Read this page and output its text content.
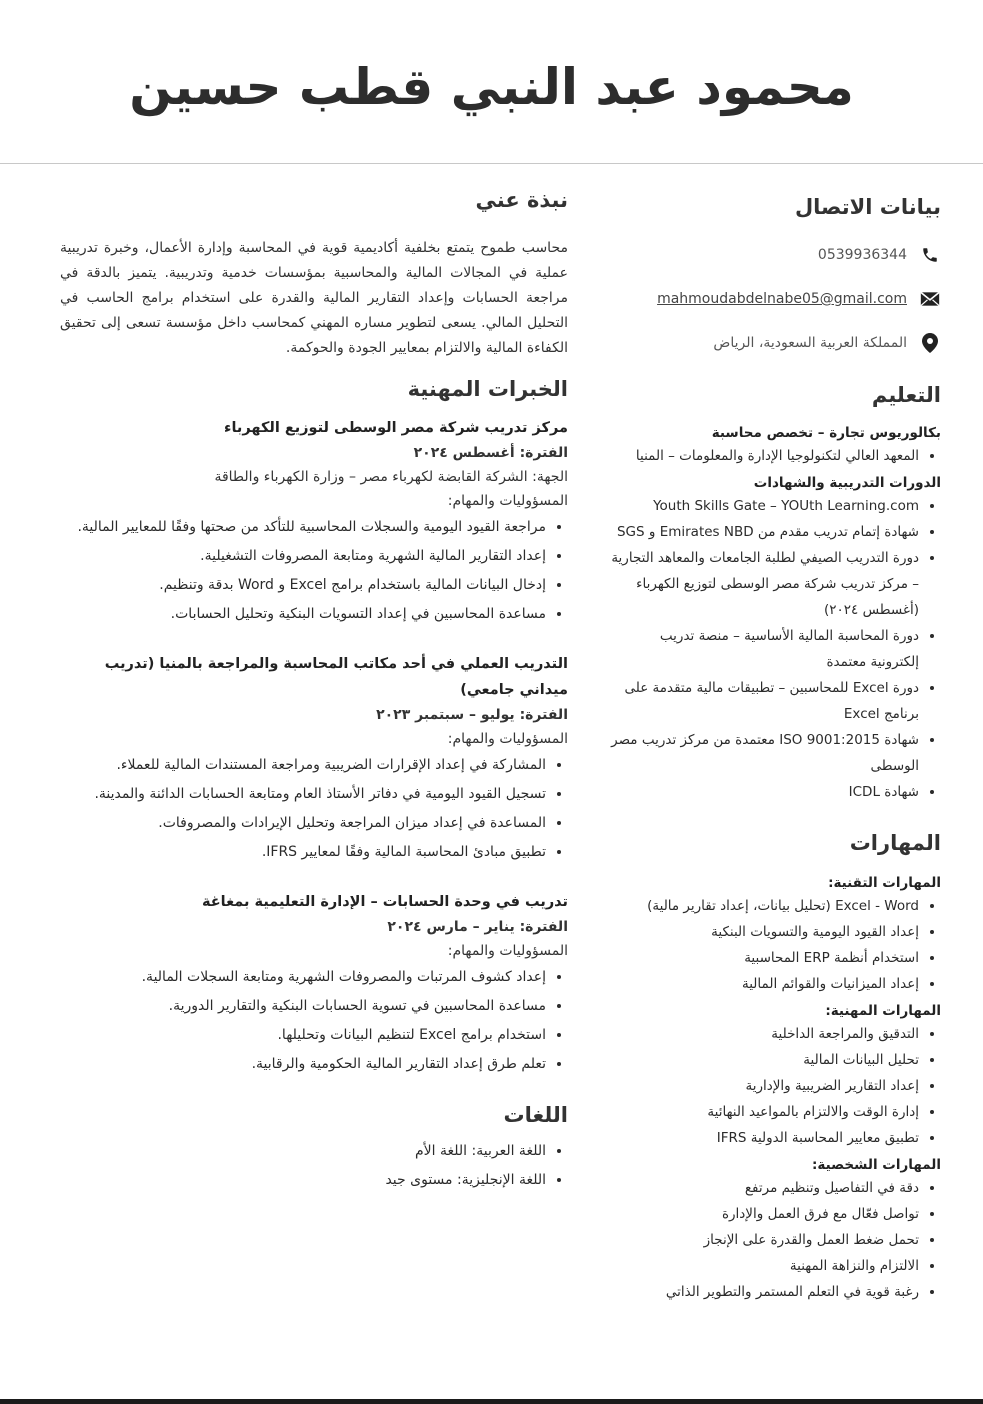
محمود عبد النبي قطب حسين
بيانات الاتصال
0539936344
mahmoudabdelnabe05@gmail.com
المملكة العربية السعودية، الرياض
التعليم
بكالوريوس تجارة – تخصص محاسبة
• المعهد العالي لتكنولوجيا الإدارة والمعلومات – المنيا
الدورات التدريبية والشهادات
• Youth Skills Gate – YOUth Learning.com
• شهادة إتمام تدريب مقدم من Emirates NBD و SGS
• دورة التدريب الصيفي لطلبة الجامعات والمعاهد التجارية – مركز تدريب شركة مصر الوسطى لتوزيع الكهرباء (أغسطس ٢٠٢٤)
• دورة المحاسبة المالية الأساسية – منصة تدريب إلكترونية معتمدة
• دورة Excel للمحاسبين – تطبيقات مالية متقدمة على برنامج Excel
• شهادة ISO 9001:2015 معتمدة من مركز تدريب مصر الوسطى
• شهادة ICDL
المهارات
المهارات التقنية:
• Excel - Word (تحليل بيانات، إعداد تقارير مالية)
• إعداد القيود اليومية والتسويات البنكية
• استخدام أنظمة ERP المحاسبية
• إعداد الميزانيات والقوائم المالية
المهارات المهنية:
• التدقيق والمراجعة الداخلية
• تحليل البيانات المالية
• إعداد التقارير الضريبية والإدارية
• إدارة الوقت والالتزام بالمواعيد النهائية
• تطبيق معايير المحاسبة الدولية IFRS
المهارات الشخصية:
• دقة في التفاصيل وتنظيم مرتفع
• تواصل فعّال مع فرق العمل والإدارة
• تحمل ضغط العمل والقدرة على الإنجاز
• الالتزام والنزاهة المهنية
• رغبة قوية في التعلم المستمر والتطوير الذاتي
نبذة عني
محاسب طموح يتمتع بخلفية أكاديمية قوية في المحاسبة وإدارة الأعمال، وخبرة تدريبية عملية في المجالات المالية والمحاسبية بمؤسسات خدمية وتدريبية. يتميز بالدقة في مراجعة الحسابات وإعداد التقارير المالية والقدرة على استخدام برامج الحاسب في التحليل المالي. يسعى لتطوير مساره المهني كمحاسب داخل مؤسسة تسعى إلى تحقيق الكفاءة المالية والالتزام بمعايير الجودة والحوكمة.
الخبرات المهنية
مركز تدريب شركة مصر الوسطى لتوزيع الكهرباء
الفترة: أغسطس ٢٠٢٤
الجهة: الشركة القابضة لكهرباء مصر – وزارة الكهرباء والطاقة
المسؤوليات والمهام:
• مراجعة القيود اليومية والسجلات المحاسبية للتأكد من صحتها وفقًا للمعايير المالية.
• إعداد التقارير المالية الشهرية ومتابعة المصروفات التشغيلية.
• إدخال البيانات المالية باستخدام برامج Excel و Word بدقة وتنظيم.
• مساعدة المحاسبين في إعداد التسويات البنكية وتحليل الحسابات.
التدريب العملي في أحد مكاتب المحاسبة والمراجعة بالمنيا (تدريب ميداني جامعي)
الفترة: يوليو – سبتمبر ٢٠٢٣
المسؤوليات والمهام:
• المشاركة في إعداد الإقرارات الضريبية ومراجعة المستندات المالية للعملاء.
• تسجيل القيود اليومية في دفاتر الأستاذ العام ومتابعة الحسابات الدائنة والمدينة.
• المساعدة في إعداد ميزان المراجعة وتحليل الإيرادات والمصروفات.
• تطبيق مبادئ المحاسبة المالية وفقًا لمعايير IFRS.
تدريب في وحدة الحسابات – الإدارة التعليمية بمغاغة
الفترة: يناير – مارس ٢٠٢٤
المسؤوليات والمهام:
• إعداد كشوف المرتبات والمصروفات الشهرية ومتابعة السجلات المالية.
• مساعدة المحاسبين في تسوية الحسابات البنكية والتقارير الدورية.
• استخدام برامج Excel لتنظيم البيانات وتحليلها.
• تعلم طرق إعداد التقارير المالية الحكومية والرقابية.
اللغات
• اللغة العربية: اللغة الأم
• اللغة الإنجليزية: مستوى جيد
